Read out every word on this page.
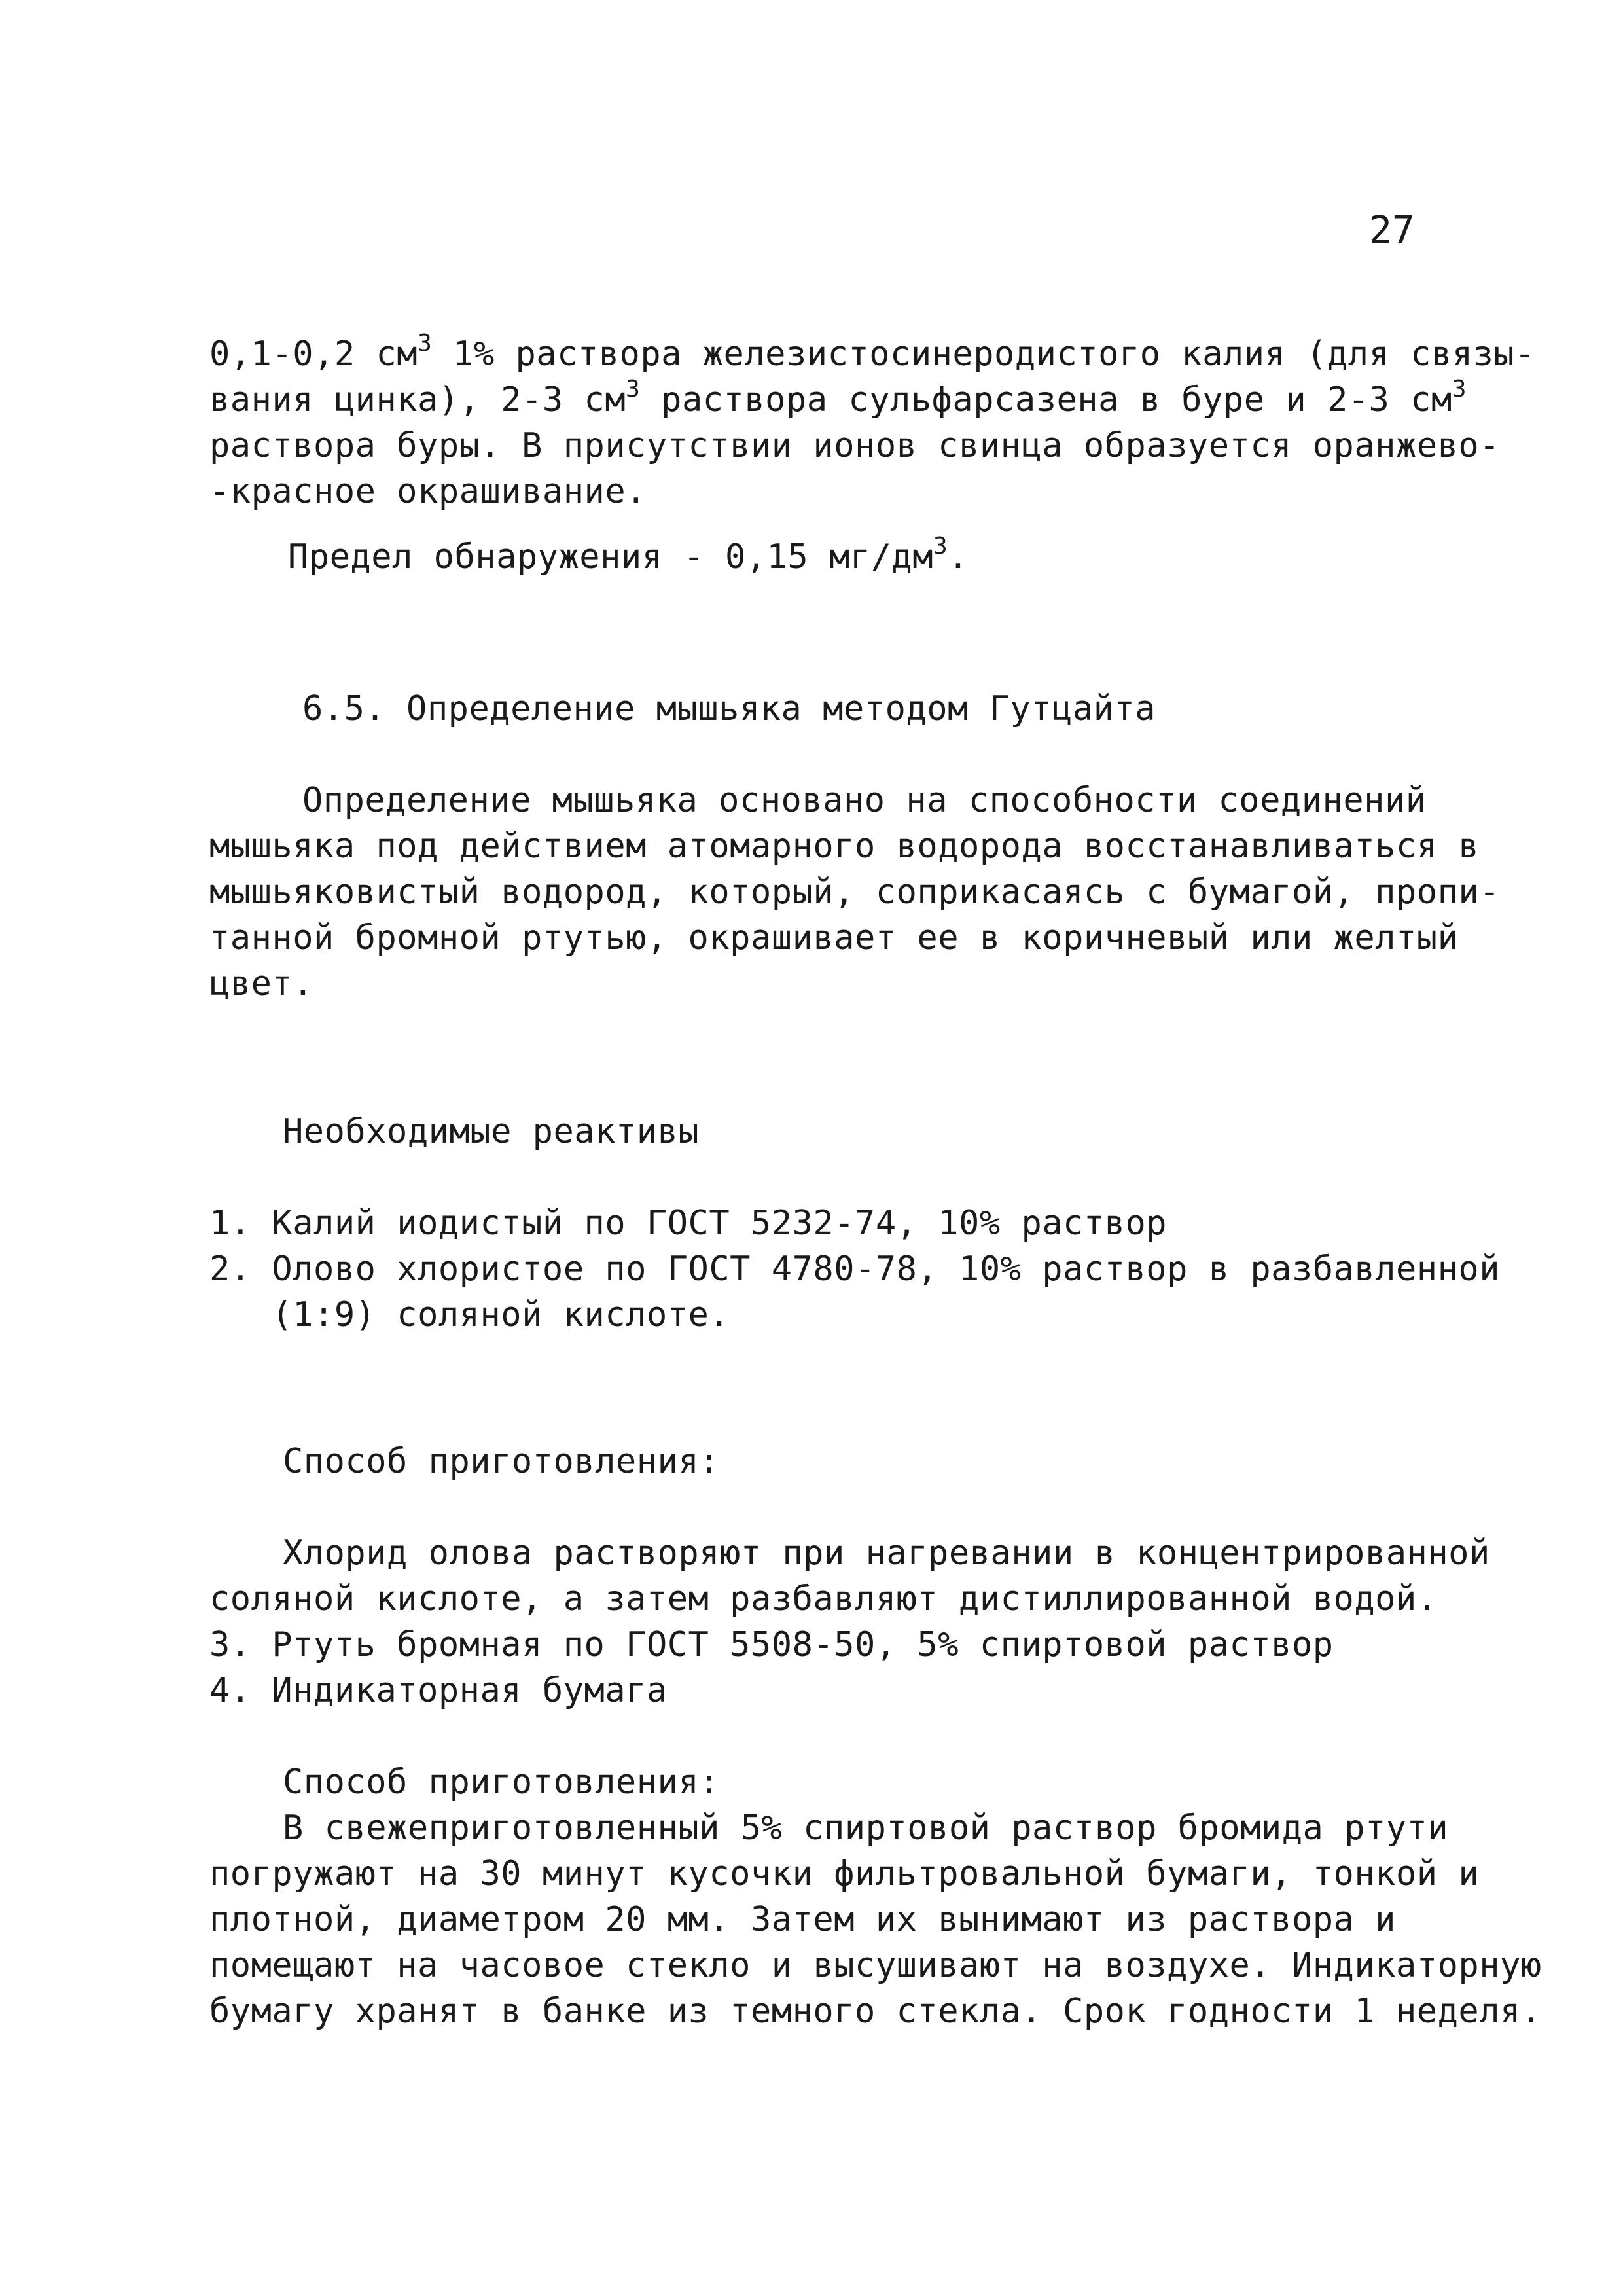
27
0,1-0,2 $см^3$ 1% раствора железистосинеродистого калия (для связы-
вания цинка), 2-3 $см^3$ раствора сульфарсазена в буре и 2-3 $см^3$
раствора буры. В присутствии ионов свинца образуется оранжево-
-красное окрашивание.
Предел обнаружения - 0,15 $мг/дм^3$.
6.5. Определение мышьяка методом Гутцайта
Определение мышьяка основано на способности соединений
мышьяка под действием атомарного водорода восстанавливаться в
мышьяковистый водород, который, соприкасаясь с бумагой, пропи-
танной бромной ртутью, окрашивает ее в коричневый или желтый
цвет.
Необходимые реактивы
1. Калий иодистый по ГОСТ 5232-74, 10% раствор
2. Олово хлористое по ГОСТ 4780-78, 10% раствор в разбавленной
(1:9) соляной кислоте.
Способ приготовления:
Хлорид олова растворяют при нагревании в концентрированной
соляной кислоте, а затем разбавляют дистиллированной водой.
3. Ртуть бромная по ГОСТ 5508-50, 5% спиртовой раствор
4. Индикаторная бумага
Способ приготовления:
В свежеприготовленный 5% спиртовой раствор бромида ртути
погружают на 30 минут кусочки фильтровальной бумаги, тонкой и
плотной, диаметром 20 мм. Затем их вынимают из раствора и
помещают на часовое стекло и высушивают на воздухе. Индикаторную
бумагу хранят в банке из темного стекла. Срок годности 1 неделя.
